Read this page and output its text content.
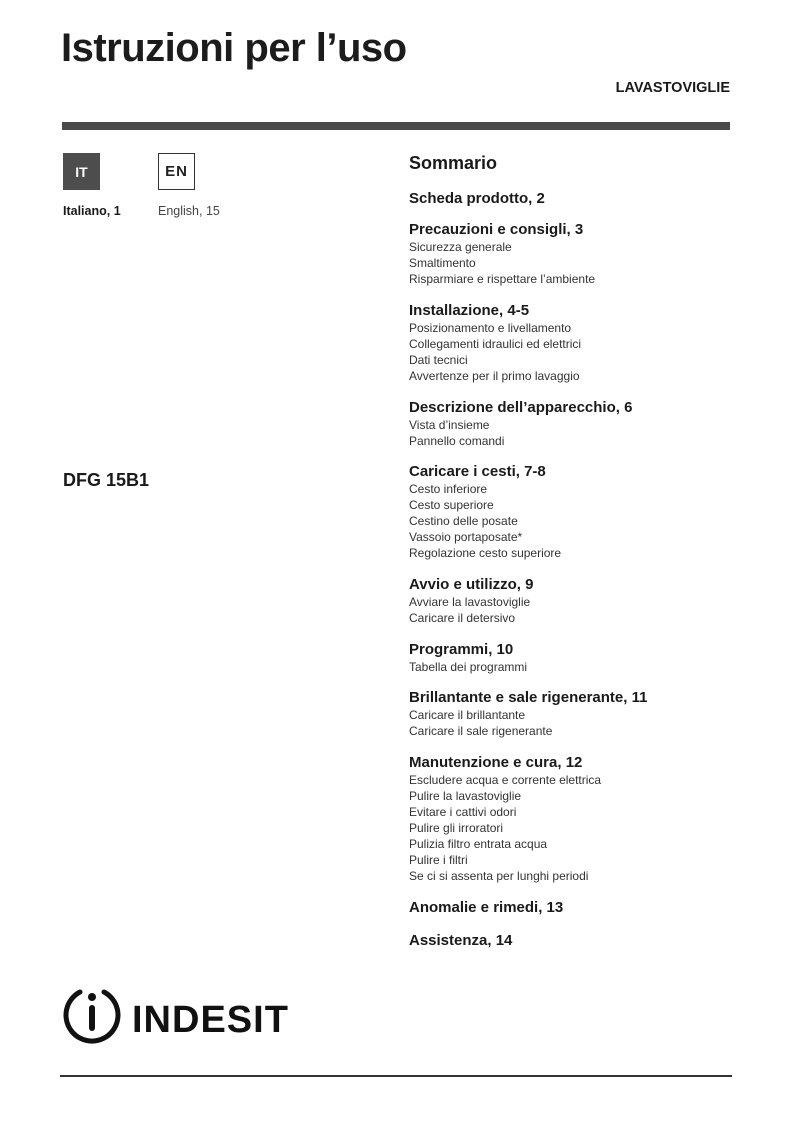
Istruzioni per l’uso
LAVASTOVIGLIE
IT	EN
Italiano, 1	English, 15
DFG 15B1
Sommario
Scheda prodotto, 2
Precauzioni e consigli, 3
Sicurezza generale
Smaltimento
Risparmiare e rispettare l’ambiente
Installazione, 4-5
Posizionamento e livellamento
Collegamenti idraulici ed elettrici
Dati tecnici
Avvertenze per il primo lavaggio
Descrizione dell’apparecchio, 6
Vista d’insieme
Pannello comandi
Caricare i cesti, 7-8
Cesto inferiore
Cesto superiore
Cestino delle posate
Vassoio portaposate*
Regolazione cesto superiore
Avvio e utilizzo, 9
Avviare la lavastoviglie
Caricare il detersivo
Programmi, 10
Tabella dei programmi
Brillantante e sale rigenerante, 11
Caricare il brillantante
Caricare il sale rigenerante
Manutenzione e cura, 12
Escludere acqua e corrente elettrica
Pulire la lavastoviglie
Evitare i cattivi odori
Pulire gli irroratori
Pulizia filtro entrata acqua
Pulire i filtri
Se ci si assenta per lunghi periodi
Anomalie e rimedi, 13
Assistenza, 14
INDESIT
